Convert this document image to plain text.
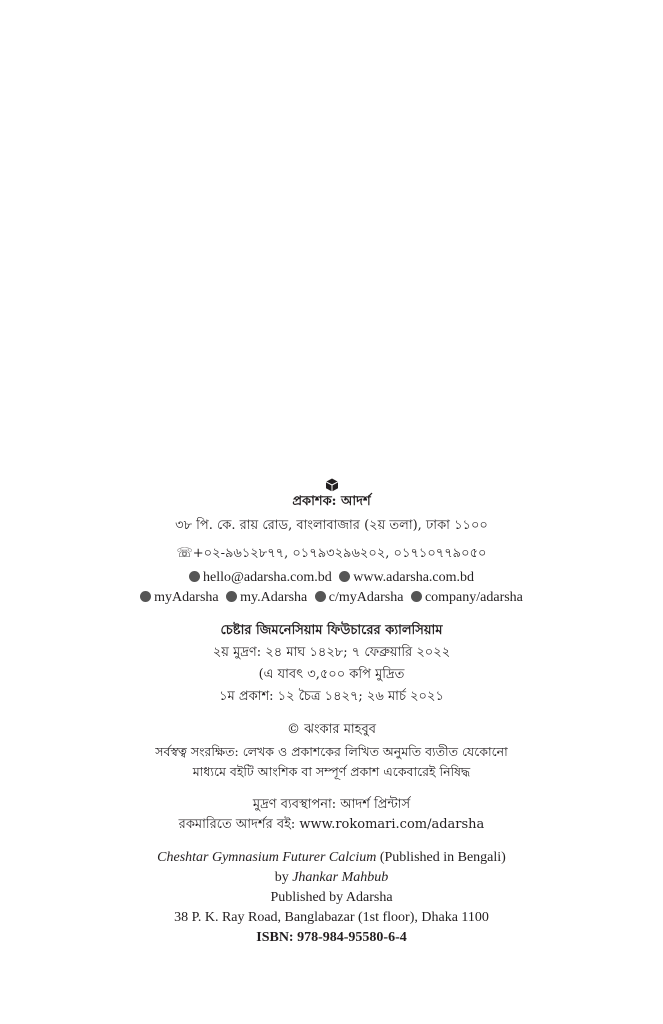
প্রকাশক: আদর্শ
৩৮ পি. কে. রায় রোড, বাংলাবাজার (২য় তলা), ঢাকা ১১০০
☏+০২-৯৬১২৮৭৭, ০১৭৯৩২৯৬২০২, ০১৭১০৭৭৯০৫০
hello@adarsha.com.bd www.adarsha.com.bd
myAdarsha my.Adarsha c/myAdarsha company/adarsha
চেষ্টার জিমনেসিয়াম ফিউচারের ক্যালসিয়াম
২য় মুদ্রণ: ২৪ মাঘ ১৪২৮; ৭ ফেব্রুয়ারি ২০২২
(এ যাবৎ ৩,৫০০ কপি মুদ্রিত
১ম প্রকাশ: ১২ চৈত্র ১৪২৭; ২৬ মার্চ ২০২১
© ঝংকার মাহবুব
সর্বস্বত্ব সংরক্ষিত: লেখক ও প্রকাশকের লিখিত অনুমতি ব্যতীত যেকোনো
মাধ্যমে বইটি আংশিক বা সম্পূর্ণ প্রকাশ একেবারেই নিষিদ্ধ
মুদ্রণ ব্যবস্থাপনা: আদর্শ প্রিন্টার্স
রকমারিতে আদর্শর বই: www.rokomari.com/adarsha
Cheshtar Gymnasium Futurer Calcium (Published in Bengali)
by Jhankar Mahbub
Published by Adarsha
38 P. K. Ray Road, Banglabazar (1st floor), Dhaka 1100
ISBN: 978-984-95580-6-4
